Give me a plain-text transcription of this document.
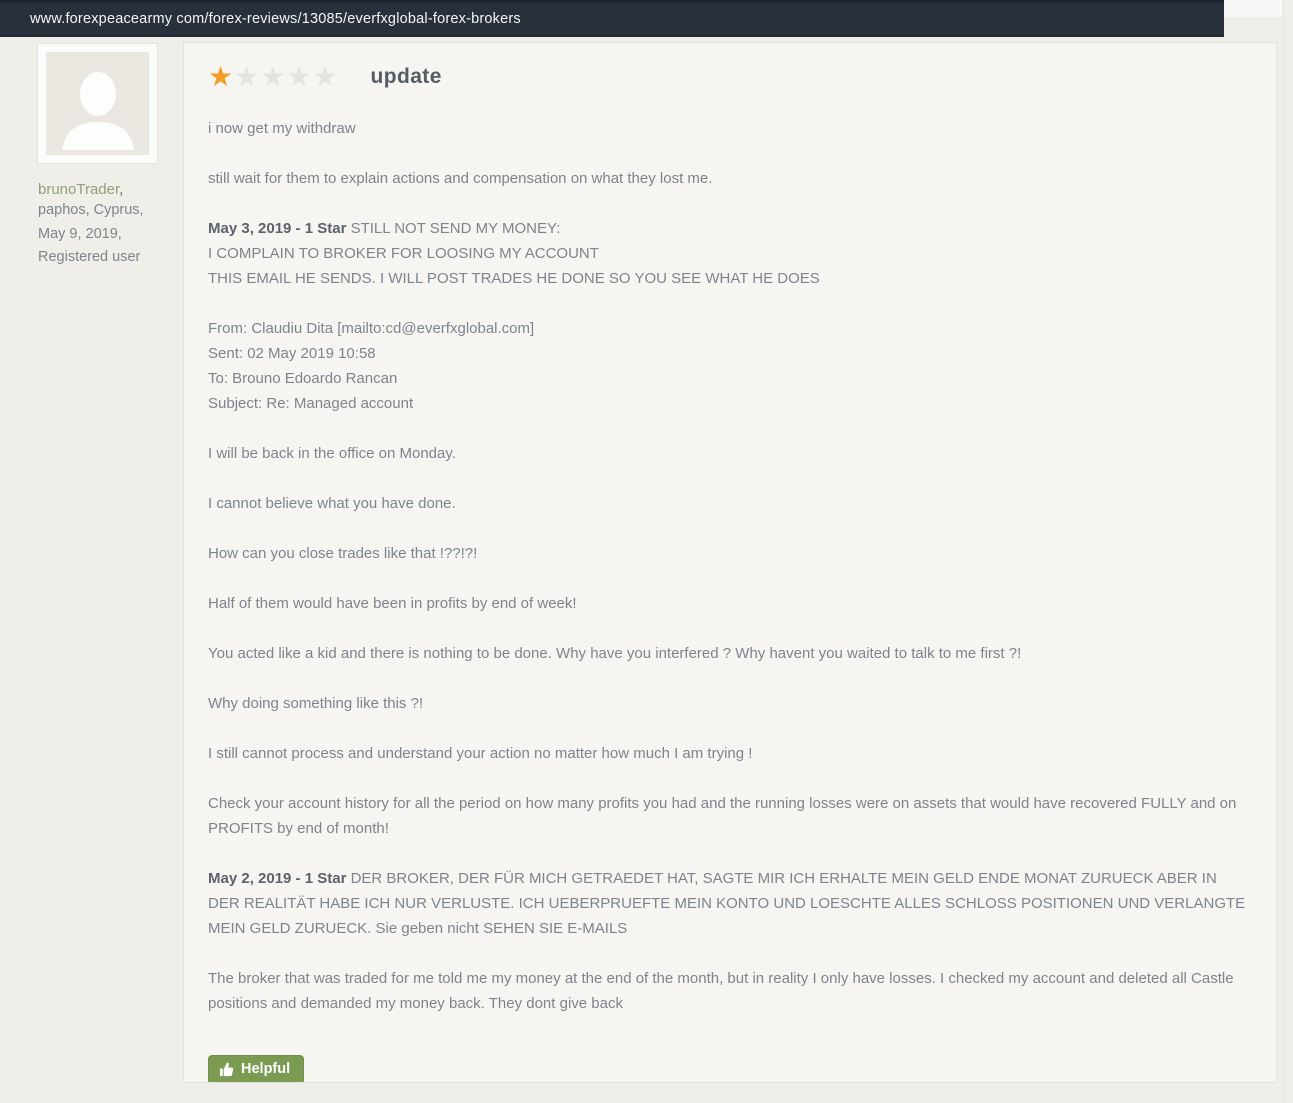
www.forexpeacearmy com/forex-reviews/13085/everfxglobal-forex-brokers
brunoTrader,
paphos, Cyprus,
May 9, 2019,
Registered user
★★★★★ update

i now get my withdraw

still wait for them to explain actions and compensation on what they lost me.

May 3, 2019 - 1 Star STILL NOT SEND MY MONEY:
I COMPLAIN TO BROKER FOR LOOSING MY ACCOUNT
THIS EMAIL HE SENDS. I WILL POST TRADES HE DONE SO YOU SEE WHAT HE DOES

From: Claudiu Dita [mailto:cd@everfxglobal.com]
Sent: 02 May 2019 10:58
To: Brouno Edoardo Rancan
Subject: Re: Managed account

I will be back in the office on Monday.

I cannot believe what you have done.

How can you close trades like that !??!?!

Half of them would have been in profits by end of week!

You acted like a kid and there is nothing to be done. Why have you interfered ? Why havent you waited to talk to me first ?!

Why doing something like this ?!

I still cannot process and understand your action no matter how much I am trying !

Check your account history for all the period on how many profits you had and the running losses were on assets that would have recovered FULLY and on PROFITS by end of month!

May 2, 2019 - 1 Star DER BROKER, DER FÜR MICH GETRAEDET HAT, SAGTE MIR ICH ERHALTE MEIN GELD ENDE MONAT ZURUECK ABER IN DER REALITÄT HABE ICH NUR VERLUSTE. ICH UEBERPRUEFTE MEIN KONTO UND LOESCHTE ALLES SCHLOSS POSITIONEN UND VERLANGTE MEIN GELD ZURUECK. Sie geben nicht SEHEN SIE E-MAILS

The broker that was traded for me told me my money at the end of the month, but in reality I only have losses. I checked my account and deleted all Castle positions and demanded my money back. They dont give back

Helpful
